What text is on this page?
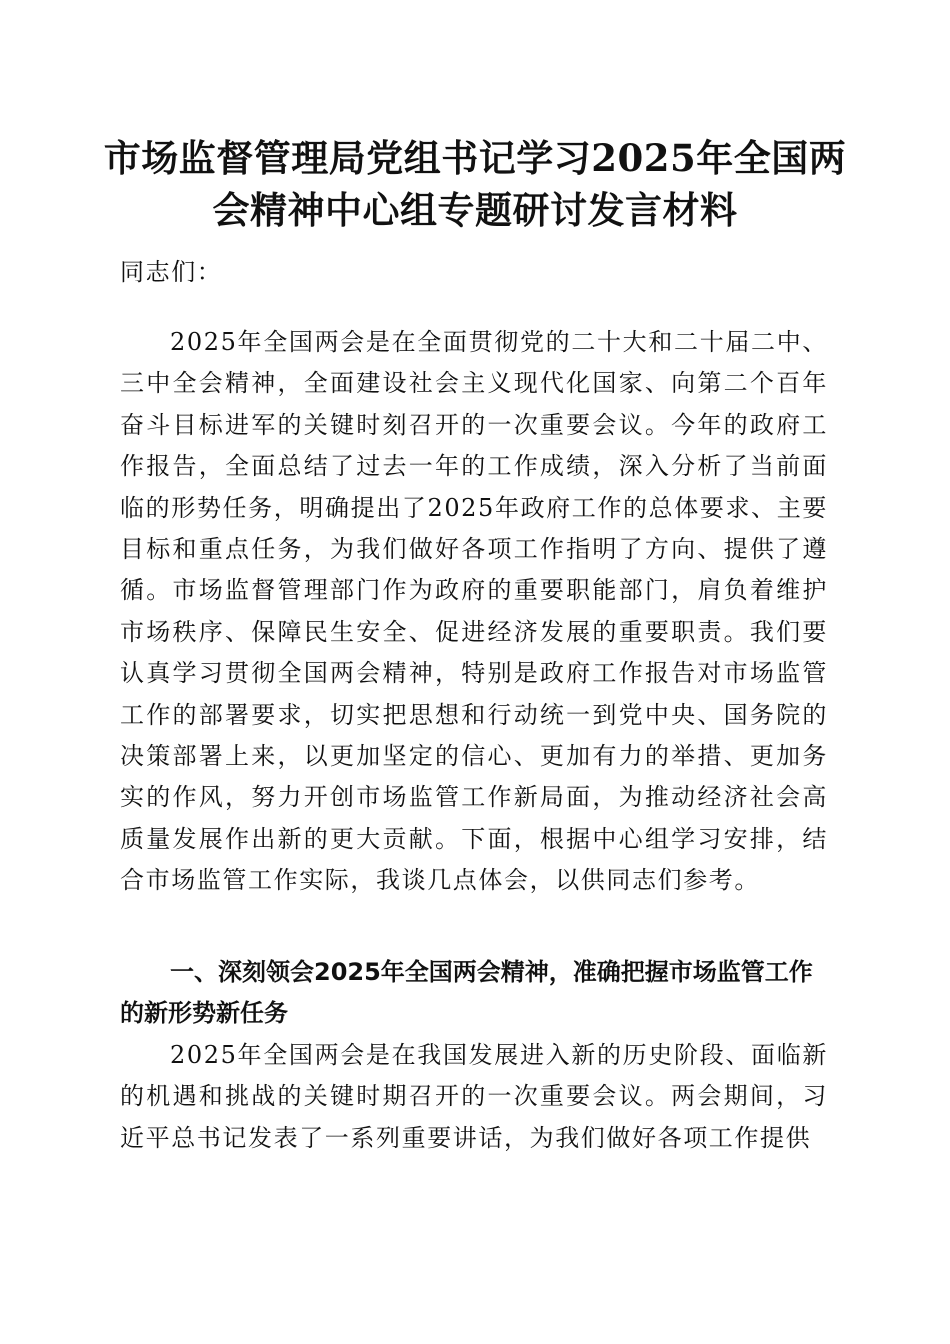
市场监督管理局党组书记学习2025年全国两
会精神中心组专题研讨发言材料

同志们：

2025年全国两会是在全面贯彻党的二十大和二十届二中、三中全会精神，全面建设社会主义现代化国家、向第二个百年奋斗目标进军的关键时刻召开的一次重要会议。今年的政府工作报告，全面总结了过去一年的工作成绩，深入分析了当前面临的形势任务，明确提出了2025年政府工作的总体要求、主要目标和重点任务，为我们做好各项工作指明了方向、提供了遵循。市场监督管理部门作为政府的重要职能部门，肩负着维护市场秩序、保障民生安全、促进经济发展的重要职责。我们要认真学习贯彻全国两会精神，特别是政府工作报告对市场监管工作的部署要求，切实把思想和行动统一到党中央、国务院的决策部署上来，以更加坚定的信心、更加有力的举措、更加务实的作风，努力开创市场监管工作新局面，为推动经济社会高质量发展作出新的更大贡献。下面，根据中心组学习安排，结合市场监管工作实际，我谈几点体会，以供同志们参考。

一、深刻领会2025年全国两会精神，准确把握市场监管工作的新形势新任务

2025年全国两会是在我国发展进入新的历史阶段、面临新的机遇和挑战的关键时期召开的一次重要会议。两会期间，习近平总书记发表了一系列重要讲话，为我们做好各项工作提供
